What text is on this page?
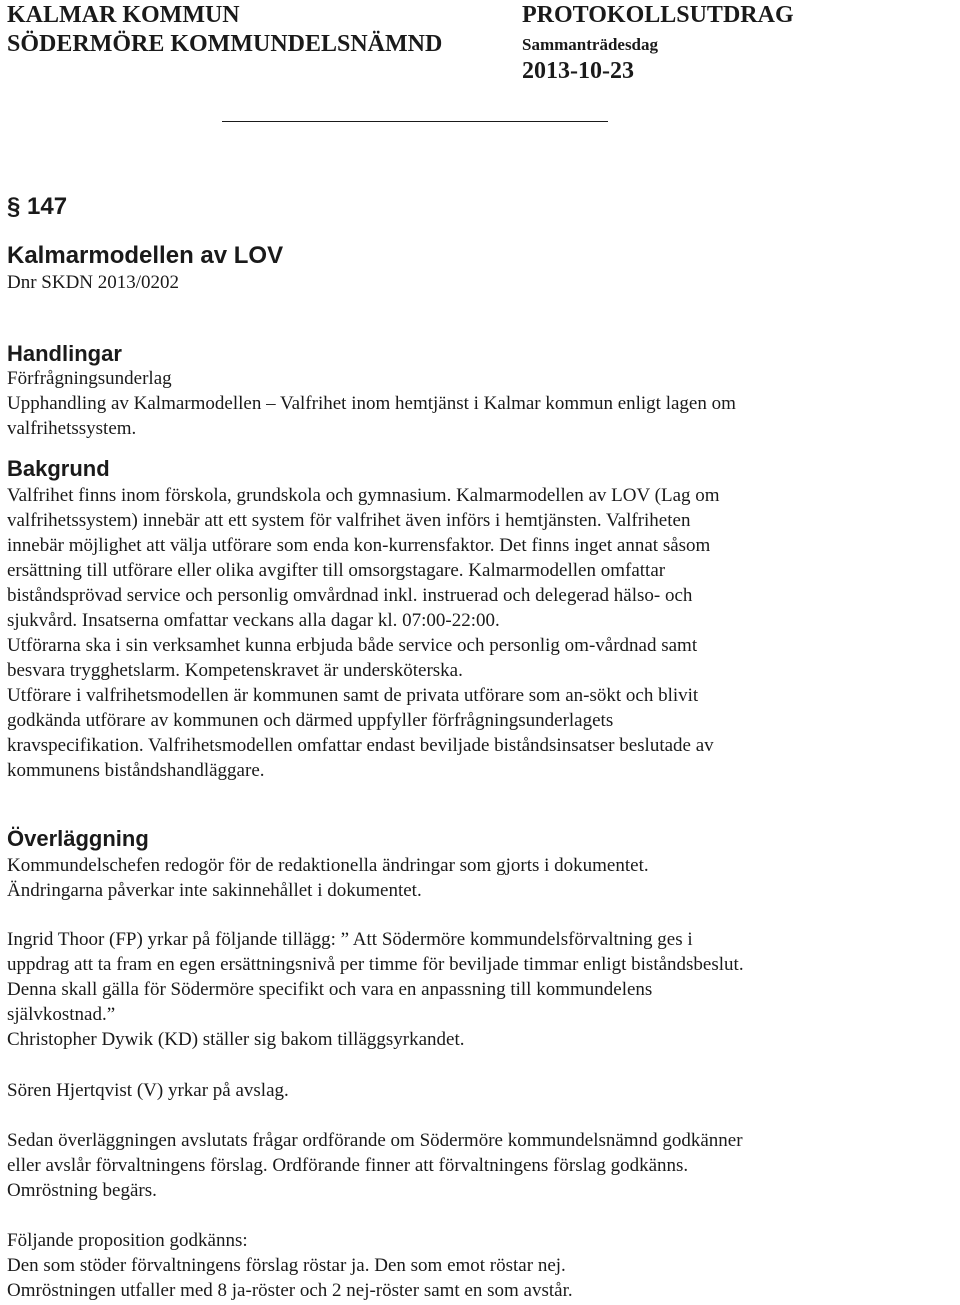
KALMAR KOMMUN
SÖDERMÖRE KOMMUNDELSNÄMND
PROTOKOLLSUTDRAG
Sammanträdesdag
2013-10-23
§ 147
Kalmarmodellen av LOV
Dnr SKDN 2013/0202
Handlingar
Förfrågningsunderlag
Upphandling av Kalmarmodellen – Valfrihet inom hemtjänst i Kalmar kommun enligt lagen om
valfrihetssystem.
Bakgrund
Valfrihet finns inom förskola, grundskola och gymnasium. Kalmarmodellen av LOV (Lag om
valfrihetssystem) innebär att ett system för valfrihet även införs i hemtjänsten. Valfriheten
innebär möjlighet att välja utförare som enda kon-kurrensfaktor. Det finns inget annat såsom
ersättning till utförare eller olika avgifter till omsorgstagare. Kalmarmodellen omfattar
biståndsprövad service och personlig omvårdnad inkl. instruerad och delegerad hälso- och
sjukvård. Insatserna omfattar veckans alla dagar kl. 07:00-22:00.
Utförarna ska i sin verksamhet kunna erbjuda både service och personlig om-vårdnad samt
besvara trygghetslarm. Kompetenskravet är undersköterska.
Utförare i valfrihetsmodellen är kommunen samt de privata utförare som an-sökt och blivit
godkända utförare av kommunen och därmed uppfyller förfrågningsunderlagets
kravspecifikation. Valfrihetsmodellen omfattar endast beviljade biståndsinsatser beslutade av
kommunens biståndshandläggare.
Överläggning
Kommundelschefen redogör för de redaktionella ändringar som gjorts i dokumentet.
Ändringarna påverkar inte sakinnehållet i dokumentet.
Ingrid Thoor (FP) yrkar på följande tillägg: ” Att Södermöre kommundelsförvaltning ges i
uppdrag att ta fram en egen ersättningsnivå per timme för beviljade timmar enligt biståndsbeslut.
Denna skall gälla för Södermöre specifikt och vara en anpassning till kommundelens
självkostnad.”
Christopher Dywik (KD) ställer sig bakom tilläggsyrkandet.
Sören Hjertqvist (V) yrkar på avslag.
Sedan överläggningen avslutats frågar ordförande om Södermöre kommundelsnämnd godkänner
eller avslår förvaltningens förslag. Ordförande finner att förvaltningens förslag godkänns.
Omröstning begärs.
Följande proposition godkänns:
Den som stöder förvaltningens förslag röstar ja. Den som emot röstar nej.
Omröstningen utfaller med 8 ja-röster och 2 nej-röster samt en som avstår.
